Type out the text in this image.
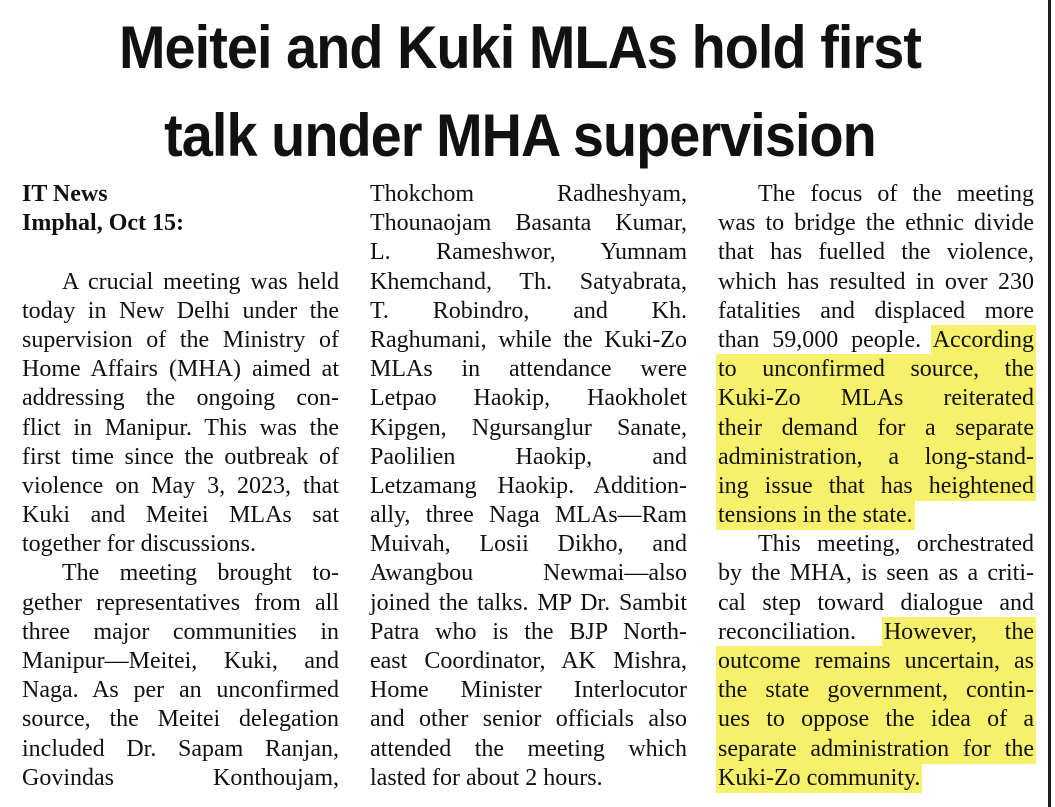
Meitei and Kuki MLAs hold first
talk under MHA supervision
IT News
Imphal, Oct 15:
A crucial meeting was held
today in New Delhi under the
supervision of the Ministry of
Home Affairs (MHA) aimed at
addressing the ongoing con-
flict in Manipur. This was the
first time since the outbreak of
violence on May 3, 2023, that
Kuki and Meitei MLAs sat
together for discussions.
The meeting brought to-
gether representatives from all
three major communities in
Manipur—Meitei, Kuki, and
Naga. As per an unconfirmed
source, the Meitei delegation
included Dr. Sapam Ranjan,
Govindas Konthoujam,
Thokchom Radheshyam,
Thounaojam Basanta Kumar,
L. Rameshwor, Yumnam
Khemchand, Th. Satyabrata,
T. Robindro, and Kh.
Raghumani, while the Kuki-Zo
MLAs in attendance were
Letpao Haokip, Haokholet
Kipgen, Ngursanglur Sanate,
Paolilien Haokip, and
Letzamang Haokip. Addition-
ally, three Naga MLAs—Ram
Muivah, Losii Dikho, and
Awangbou Newmai—also
joined the talks. MP Dr. Sambit
Patra who is the BJP North-
east Coordinator, AK Mishra,
Home Minister Interlocutor
and other senior officials also
attended the meeting which
lasted for about 2 hours.
The focus of the meeting
was to bridge the ethnic divide
that has fuelled the violence,
which has resulted in over 230
fatalities and displaced more
than 59,000 people. According
to unconfirmed source, the
Kuki-Zo MLAs reiterated
their demand for a separate
administration, a long-stand-
ing issue that has heightened
tensions in the state.
This meeting, orchestrated
by the MHA, is seen as a criti-
cal step toward dialogue and
reconciliation. However, the
outcome remains uncertain, as
the state government, contin-
ues to oppose the idea of a
separate administration for the
Kuki-Zo community.
